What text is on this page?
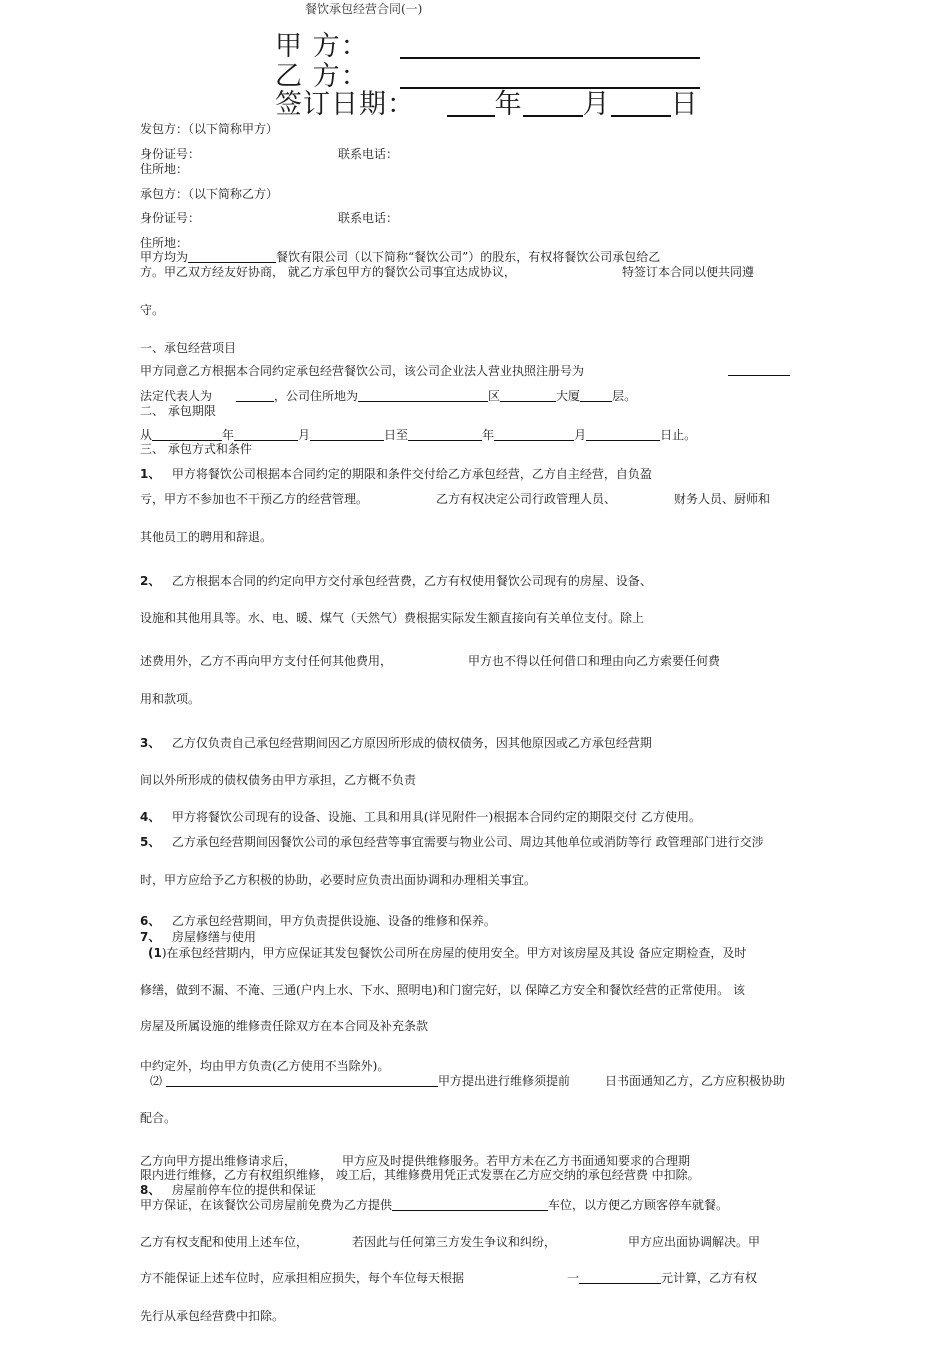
餐饮承包经营合同(一)
甲 方：
乙 方：
签订日期：	年 月 日
发包方：（以下简称甲方）
身份证号：	联系电话：
住所地：
承包方：（以下简称乙方）
身份证号：	联系电话：
住所地：
甲方均为	餐饮有限公司（以下简称“餐饮公司”）的股东，有权将餐饮公司承包给乙
方。甲乙双方经友好协商， 就乙方承包甲方的餐饮公司事宜达成协议，	特签订本合同以便共同遵
守。
一、承包经营项目
甲方同意乙方根据本合同约定承包经营餐饮公司，该公司企业法人营业执照注册号为
法定代表人为	，公司住所地为	区	大厦	层。
二、 承包期限
从	年	月	日至	年	月	日止。
三、 承包方式和条件
1、 甲方将餐饮公司根据本合同约定的期限和条件交付给乙方承包经营，乙方自主经营，自负盈
亏，甲方不参加也不干预乙方的经营管理。	乙方有权决定公司行政管理人员、	财务人员、厨师和
其他员工的聘用和辞退。
2、 乙方根据本合同的约定向甲方交付承包经营费，乙方有权使用餐饮公司现有的房屋、设备、
设施和其他用具等。水、电、暖、煤气（天然气）费根据实际发生额直接向有关单位支付。除上
述费用外，乙方不再向甲方支付任何其他费用，	甲方也不得以任何借口和理由向乙方索要任何费
用和款项。
3、 乙方仅负责自己承包经营期间因乙方原因所形成的债权债务，因其他原因或乙方承包经营期
间以外所形成的债权债务由甲方承担，乙方概不负责
4、 甲方将餐饮公司现有的设备、设施、工具和用具(详见附件一)根据本合同约定的期限交付 乙方使用。
5、 乙方承包经营期间因餐饮公司的承包经营等事宜需要与物业公司、周边其他单位或消防等行 政管理部门进行交涉
时，甲方应给予乙方积极的协助，必要时应负责出面协调和办理相关事宜。
6、 乙方承包经营期间，甲方负责提供设施、设备的维修和保养。
7、 房屋修缮与使用
(1)在承包经营期内，甲方应保证其发包餐饮公司所在房屋的使用安全。甲方对该房屋及其设 备应定期检查，及时
修缮，做到不漏、不淹、三通(户内上水、下水、照明电)和门窗完好，以 保障乙方安全和餐饮经营的正常使用。 该
房屋及所属设施的维修责任除双方在本合同及补充条款
中约定外，均由甲方负责(乙方使用不当除外)。
⑵	甲方提出进行维修须提前	日书面通知乙方，乙方应积极协助
配合。
乙方向甲方提出维修请求后，	甲方应及时提供维修服务。若甲方未在乙方书面通知要求的合理期
限内进行维修，乙方有权组织维修， 竣工后，其维修费用凭正式发票在乙方应交纳的承包经营费 中扣除。
8、 房屋前停车位的提供和保证
甲方保证，在该餐饮公司房屋前免费为乙方提供	车位，以方便乙方顾客停车就餐。
乙方有权支配和使用上述车位，	若因此与任何第三方发生争议和纠纷，	甲方应出面协调解决。甲
方不能保证上述车位时，应承担相应损失，每个车位每天根据	一	元计算，乙方有权
先行从承包经营费中扣除。
